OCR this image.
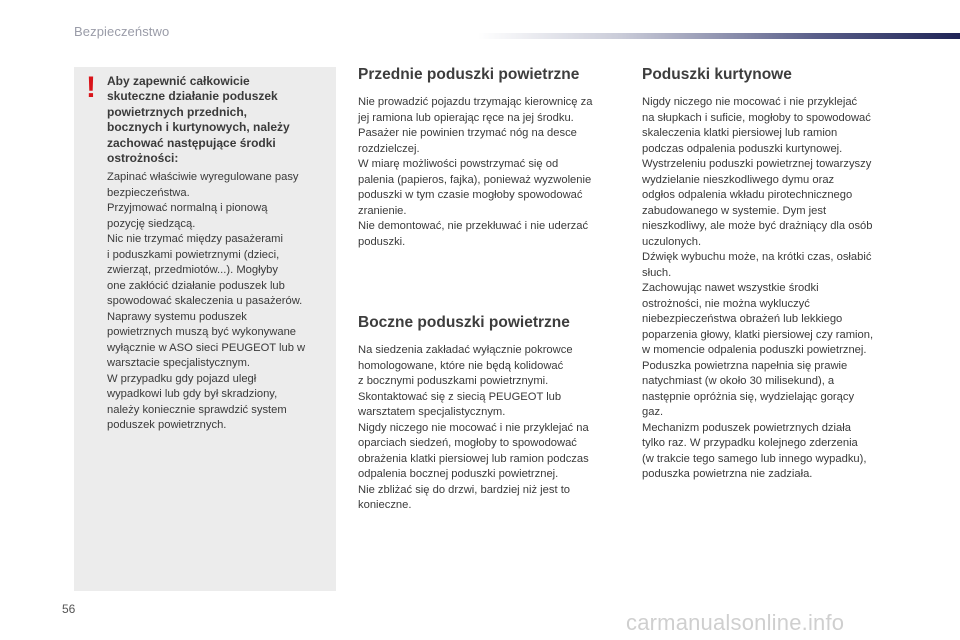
Bezpieczeństwo
! Aby zapewnić całkowicie
skuteczne działanie poduszek
powietrznych przednich,
bocznych i kurtynowych, należy
zachować następujące środki
ostrożności:
Zapinać właściwie wyregulowane pasy
bezpieczeństwa.
Przyjmować normalną i pionową
pozycję siedzącą.
Nic nie trzymać między pasażerami
i poduszkami powietrznymi (dzieci,
zwierząt, przedmiotów...). Mogłyby
one zakłócić działanie poduszek lub
spowodować skaleczenia u pasażerów.
Naprawy systemu poduszek
powietrznych muszą być wykonywane
wyłącznie w ASO sieci PEUGEOT lub w
warsztacie specjalistycznym.
W przypadku gdy pojazd uległ
wypadkowi lub gdy był skradziony,
należy koniecznie sprawdzić system
poduszek powietrznych.
Przednie poduszki powietrzne

Nie prowadzić pojazdu trzymając kierownicę za
jej ramiona lub opierając ręce na jej środku.
Pasażer nie powinien trzymać nóg na desce
rozdzielczej.
W miarę możliwości powstrzymać się od
palenia (papieros, fajka), ponieważ wyzwolenie
poduszki w tym czasie mogłoby spowodować
zranienie.
Nie demontować, nie przekłuwać i nie uderzać
poduszki.

Boczne poduszki powietrzne

Na siedzenia zakładać wyłącznie pokrowce
homologowane, które nie będą kolidować
z bocznymi poduszkami powietrznymi.
Skontaktować się z siecią PEUGEOT lub
warsztatem specjalistycznym.
Nigdy niczego nie mocować i nie przyklejać na
oparciach siedzeń, mogłoby to spowodować
obrażenia klatki piersiowej lub ramion podczas
odpalenia bocznej poduszki powietrznej.
Nie zbliżać się do drzwi, bardziej niż jest to
konieczne.

Poduszki kurtynowe

Nigdy niczego nie mocować i nie przyklejać
na słupkach i suficie, mogłoby to spowodować
skaleczenia klatki piersiowej lub ramion
podczas odpalenia poduszki kurtynowej.
Wystrzeleniu poduszki powietrznej towarzyszy
wydzielanie nieszkodliwego dymu oraz
odgłos odpalenia wkładu pirotechnicznego
zabudowanego w systemie. Dym jest
nieszkodliwy, ale może być drażniący dla osób
uczulonych.
Dźwięk wybuchu może, na krótki czas, osłabić
słuch.
Zachowując nawet wszystkie środki
ostrożności, nie można wykluczyć
niebezpieczeństwa obrażeń lub lekkiego
poparzenia głowy, klatki piersiowej czy ramion,
w momencie odpalenia poduszki powietrznej.
Poduszka powietrzna napełnia się prawie
natychmiast (w około 30 milisekund), a
następnie opróżnia się, wydzielając gorący
gaz.
Mechanizm poduszek powietrznych działa
tylko raz. W przypadku kolejnego zderzenia
(w trakcie tego samego lub innego wypadku),
poduszka powietrzna nie zadziała.

56
carmanualsonline.info
